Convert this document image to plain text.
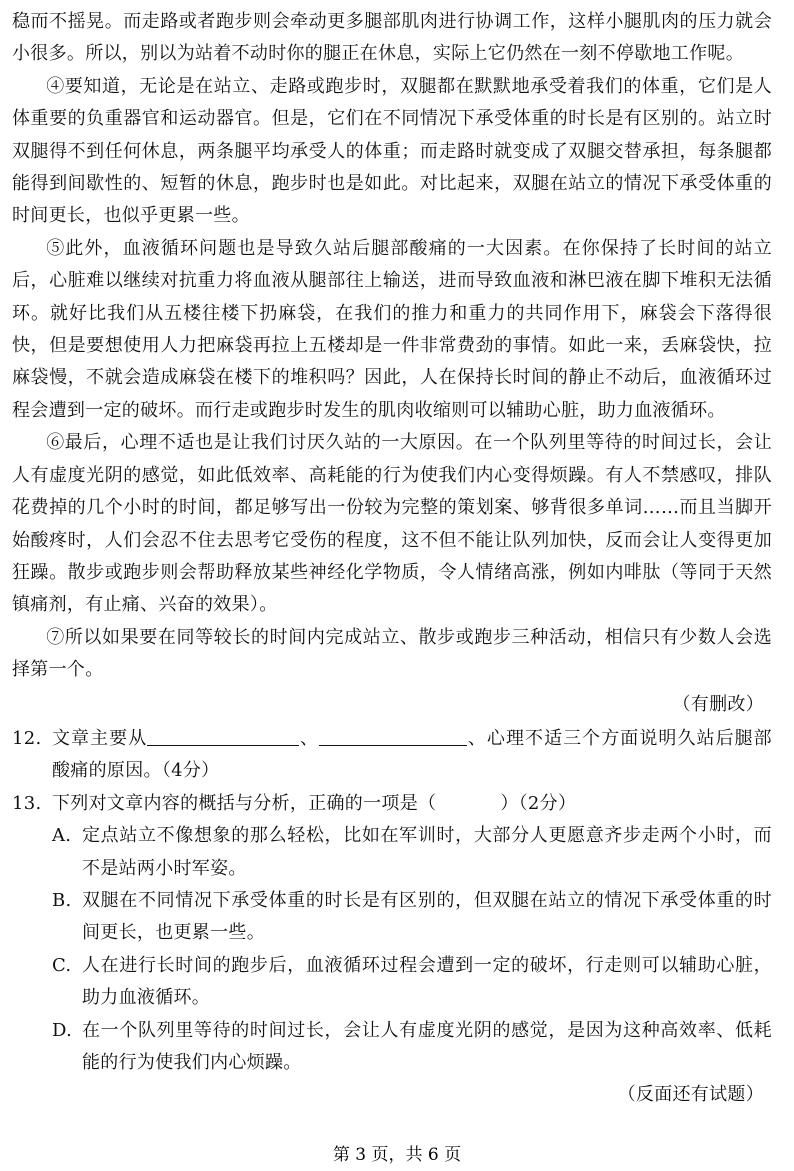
稳而不摇晃。而走路或者跑步则会牵动更多腿部肌肉进行协调工作，这样小腿肌肉的压力就会小很多。所以，别以为站着不动时你的腿正在休息，实际上它仍然在一刻不停歇地工作呢。

④要知道，无论是在站立、走路或跑步时，双腿都在默默地承受着我们的体重，它们是人体重要的负重器官和运动器官。但是，它们在不同情况下承受体重的时长是有区别的。站立时双腿得不到任何休息，两条腿平均承受人的体重；而走路时就变成了双腿交替承担，每条腿都能得到间歇性的、短暂的休息，跑步时也是如此。对比起来，双腿在站立的情况下承受体重的时间更长，也似乎更累一些。

⑤此外，血液循环问题也是导致久站后腿部酸痛的一大因素。在你保持了长时间的站立后，心脏难以继续对抗重力将血液从腿部往上输送，进而导致血液和淋巴液在脚下堆积无法循环。就好比我们从五楼往楼下扔麻袋，在我们的推力和重力的共同作用下，麻袋会下落得很快，但是要想使用人力把麻袋再拉上五楼却是一件非常费劲的事情。如此一来，丢麻袋快，拉麻袋慢，不就会造成麻袋在楼下的堆积吗？因此，人在保持长时间的静止不动后，血液循环过程会遭到一定的破坏。而行走或跑步时发生的肌肉收缩则可以辅助心脏，助力血液循环。

⑥最后，心理不适也是让我们讨厌久站的一大原因。在一个队列里等待的时间过长，会让人有虚度光阴的感觉，如此低效率、高耗能的行为使我们内心变得烦躁。有人不禁感叹，排队花费掉的几个小时的时间，都足够写出一份较为完整的策划案、够背很多单词……而且当脚开始酸疼时，人们会忍不住去思考它受伤的程度，这不但不能让队列加快，反而会让人变得更加狂躁。散步或跑步则会帮助释放某些神经化学物质，令人情绪高涨，例如内啡肽（等同于天然镇痛剂，有止痛、兴奋的效果）。

⑦所以如果要在同等较长的时间内完成站立、散步或跑步三种活动，相信只有少数人会选择第一个。

（有删改）

12. 文章主要从	、	、心理不适三个方面说明久站后腿部酸痛的原因。（4分）

13. 下列对文章内容的概括与分析，正确的一项是（	）（2分）

A. 定点站立不像想象的那么轻松，比如在军训时，大部分人更愿意齐步走两个小时，而不是站两小时军姿。

B. 双腿在不同情况下承受体重的时长是有区别的，但双腿在站立的情况下承受体重的时间更长，也更累一些。

C. 人在进行长时间的跑步后，血液循环过程会遭到一定的破坏，行走则可以辅助心脏，助力血液循环。

D. 在一个队列里等待的时间过长，会让人有虚度光阴的感觉，是因为这种高效率、低耗能的行为使我们内心烦躁。

（反面还有试题）

第 3 页，共 6 页
